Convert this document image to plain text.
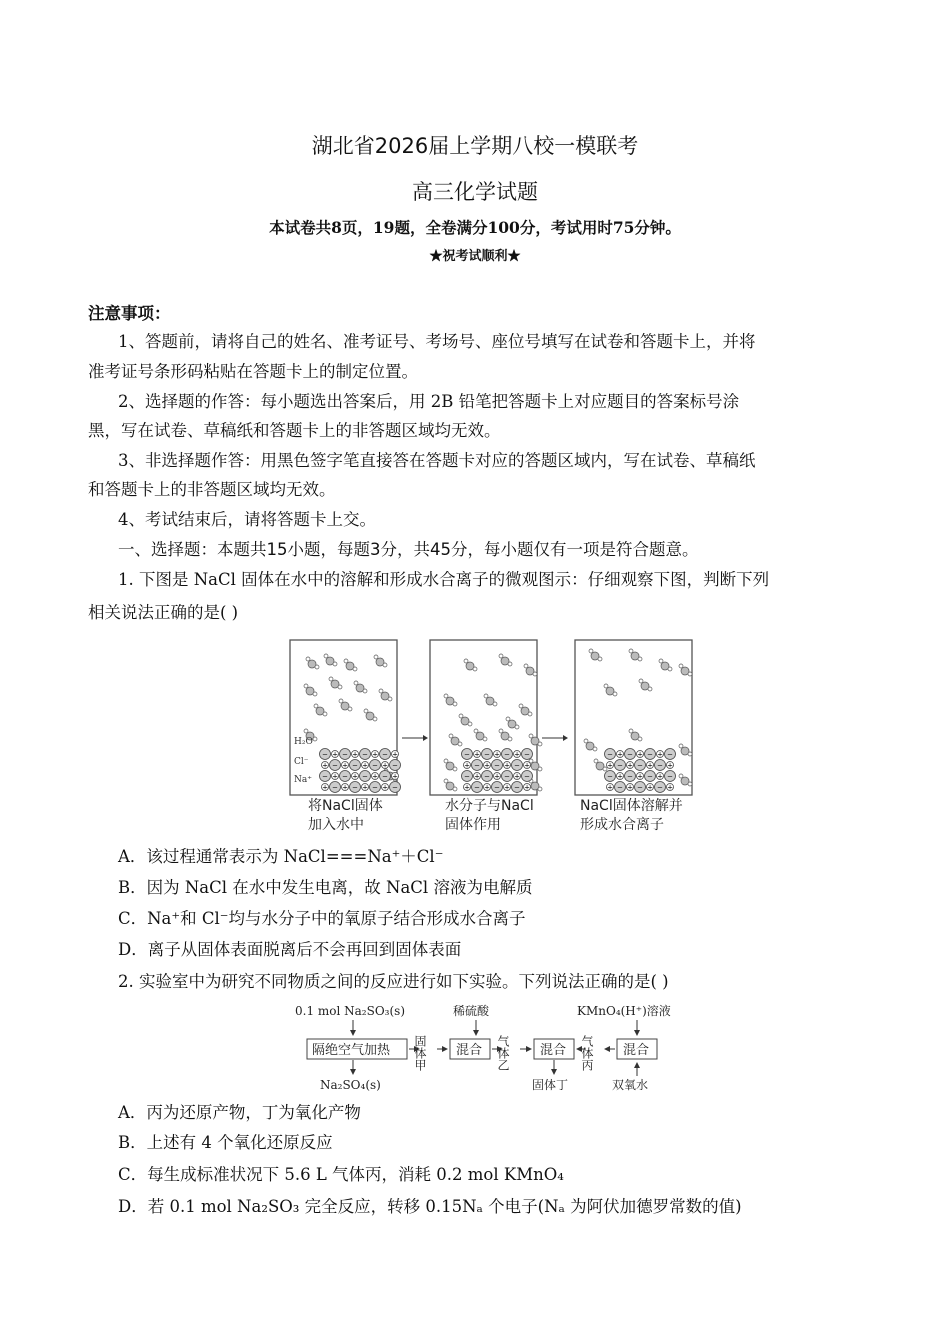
湖北省2026届上学期八校一模联考
高三化学试题
本试卷共8页，19题，全卷满分100分，考试用时75分钟。
★祝考试顺利★
注意事项：
1、答题前，请将自己的姓名、准考证号、考场号、座位号填写在试卷和答题卡上，并将
准考证号条形码粘贴在答题卡上的制定位置。
2、选择题的作答：每小题选出答案后，用 2B 铅笔把答题卡上对应题目的答案标号涂
黑，写在试卷、草稿纸和答题卡上的非答题区域均无效。
3、非选择题作答：用黑色签字笔直接答在答题卡对应的答题区域内，写在试卷、草稿纸
和答题卡上的非答题区域均无效。
4、考试结束后，请将答题卡上交。
一、选择题：本题共15小题，每题3分，共45分，每小题仅有一项是符合题意。
1. 下图是 NaCl 固体在水中的溶解和形成水合离子的微观图示：仔细观察下图，判断下列
相关说法正确的是( )
− + − + − + − +
+ − + − + − + −
− + − + − + − +
+ − + − + − + −
− + − + − + −
+ − + − + − +
− + − + − + −
+ − + − + − +
− + − + − + −
+ − + − + − +
− + − + − + −
+ − + − + − +
H₂O
Cl⁻
Na⁺
将NaCl固体
加入水中
水分子与NaCl
固体作用
NaCl固体溶解并
形成水合离子
A．该过程通常表示为 NaCl===Na⁺＋Cl⁻
B．因为 NaCl 在水中发生电离，故 NaCl 溶液为电解质
C．Na⁺和 Cl⁻均与水分子中的氧原子结合形成水合离子
D．离子从固体表面脱离后不会再回到固体表面
2. 实验室中为研究不同物质之间的反应进行如下实验。下列说法正确的是( )
0.1 mol Na₂SO₃(s)
隔绝空气加热
Na₂SO₄(s)
固体甲
稀硫酸
混合 气体乙 混合
固体丁
气体丙
KMnO₄(H⁺)溶液
混合
双氧水
A．丙为还原产物，丁为氧化产物
B．上述有 4 个氧化还原反应
C．每生成标准状况下 5.6 L 气体丙，消耗 0.2 mol KMnO₄
D．若 0.1 mol Na₂SO₃ 完全反应，转移 0.15Nₐ 个电子(Nₐ 为阿伏加德罗常数的值)
